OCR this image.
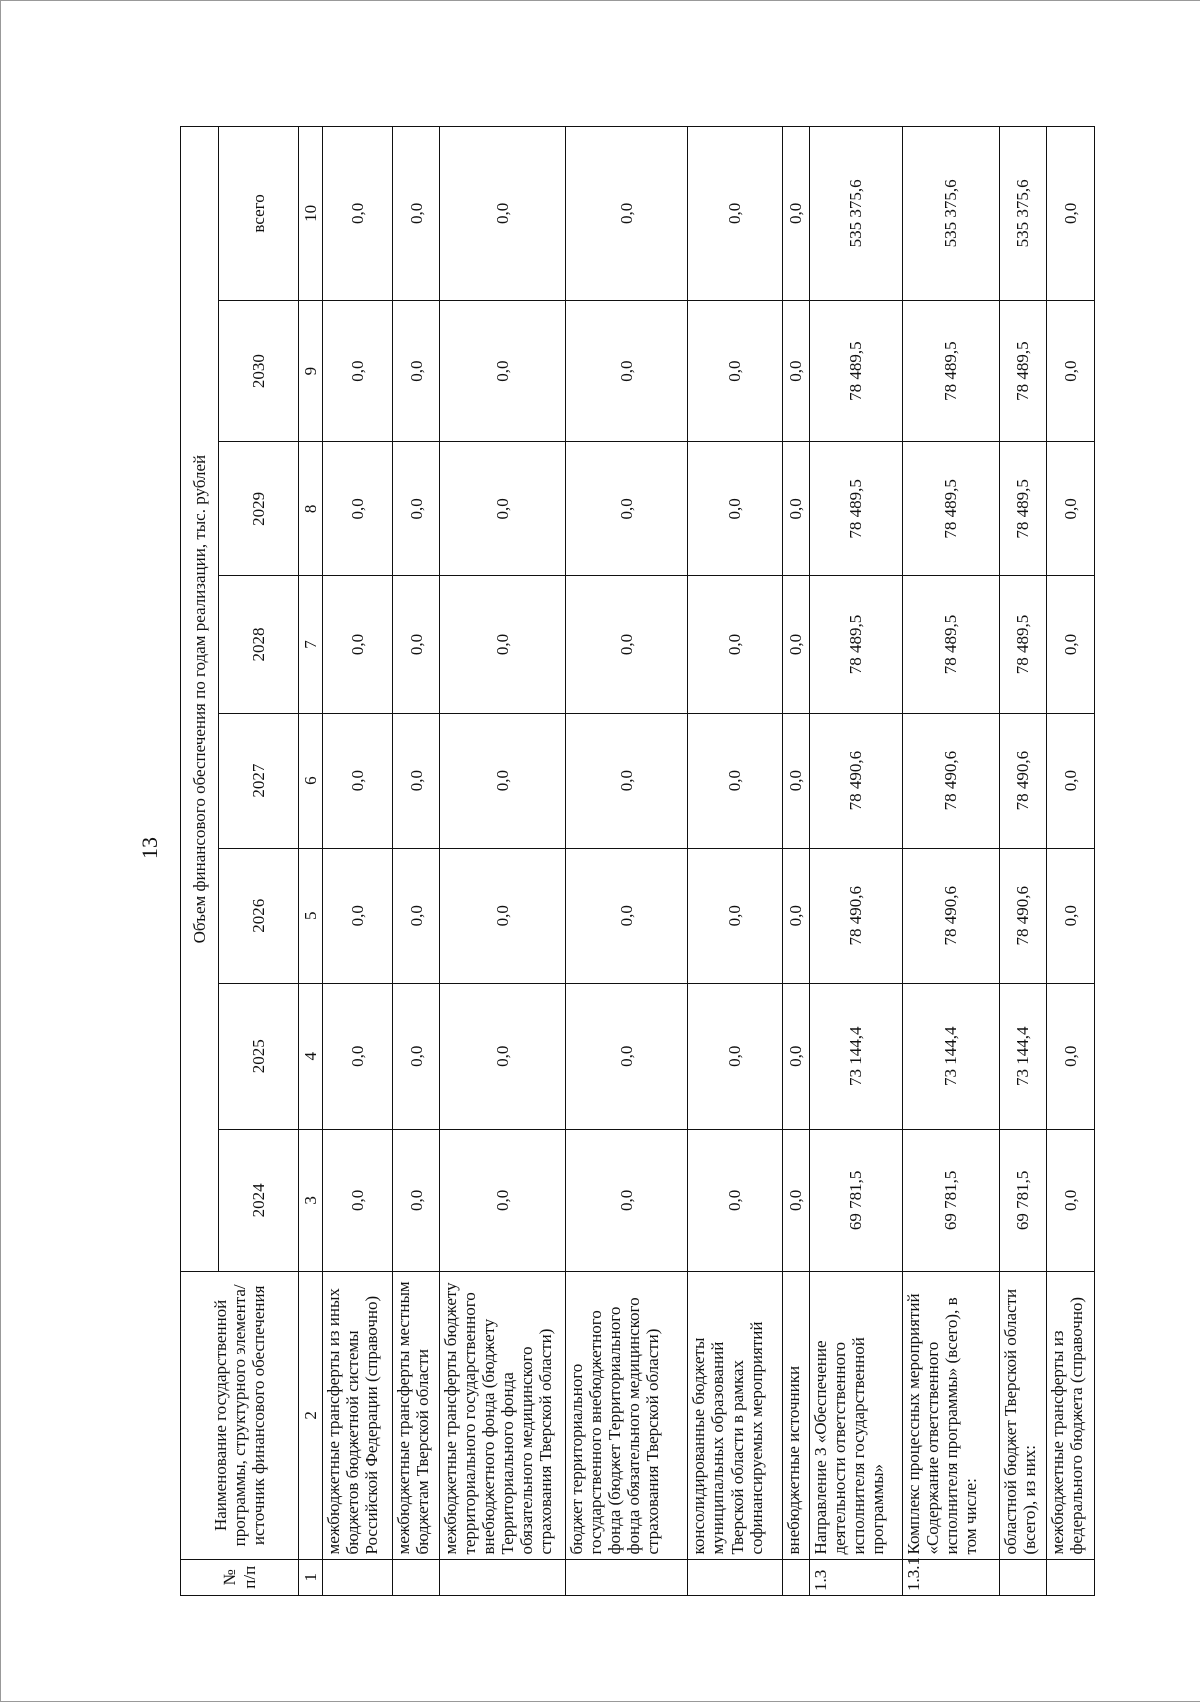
13
№ п/п	Наименование государственной программы, структурного элемента/источник финансового обеспечения	Объем финансового обеспечения по годам реализации, тыс. рублей							
		2024	2025	2026	2027	2028	2029	2030	всего
1	2	3	4	5	6	7	8	9	10
	межбюджетные трансферты из иных бюджетов бюджетной системы Российской Федерации (справочно)	0,0	0,0	0,0	0,0	0,0	0,0	0,0	0,0
	межбюджетные трансферты местным бюджетам Тверской области	0,0	0,0	0,0	0,0	0,0	0,0	0,0	0,0
	межбюджетные трансферты бюджету территориального государственного внебюджетного фонда (бюджету Территориального фонда обязательного медицинского страхования Тверской области)	0,0	0,0	0,0	0,0	0,0	0,0	0,0	0,0
	бюджет территориального государственного внебюджетного фонда (бюджет Территориального фонда обязательного медицинского страхования Тверской области)	0,0	0,0	0,0	0,0	0,0	0,0	0,0	0,0
	консолидированные бюджеты муниципальных образований Тверской области в рамках софинансируемых мероприятий	0,0	0,0	0,0	0,0	0,0	0,0	0,0	0,0
	внебюджетные источники	0,0	0,0	0,0	0,0	0,0	0,0	0,0	0,0
1.3	Направление 3 «Обеспечение деятельности ответственного исполнителя государственной программы»	69 781,5	73 144,4	78 490,6	78 490,6	78 489,5	78 489,5	78 489,5	535 375,6
1.3.1	Комплекс процессных мероприятий «Содержание ответственного исполнителя программы» (всего), в том числе:	69 781,5	73 144,4	78 490,6	78 490,6	78 489,5	78 489,5	78 489,5	535 375,6
	областной бюджет Тверской области (всего), из них:	69 781,5	73 144,4	78 490,6	78 490,6	78 489,5	78 489,5	78 489,5	535 375,6
	межбюджетные трансферты из федерального бюджета (справочно)	0,0	0,0	0,0	0,0	0,0	0,0	0,0	0,0
